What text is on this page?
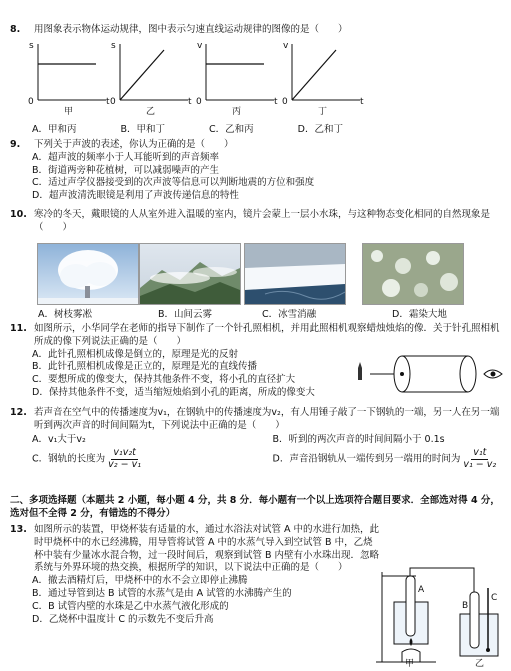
8.	用图象表示物体运动规律，图中表示匀速直线运动规律的图像的是（　　）
s
0	t
甲
s
0	t
乙
v
0	t
丙
v
0	t
丁
A．甲和丙	B．甲和丁	C．乙和丙	D．乙和丁
9.	下列关于声波的表述，你认为正确的是（　　）
A．超声波的频率小于人耳能听到的声音频率
B．街道两旁种花植树，可以减弱噪声的产生
C．适过声学仪器接受到的次声波等信息可以判断地震的方位和强度
D．超声波清洗眼镜是利用了声波传递信息的特性
10. 寒冷的冬天，戴眼镜的人从室外进入温暖的室内，镜片会蒙上一层小水珠，与这种物态变化相同的自然现象是（　　）
A．树枝雾凇	B．山间云雾	C．冰雪消融	D．霜染大地
11. 如图所示，小华同学在老师的指导下制作了一个针孔照相机，并用此照相机观察蜡烛烛焰的像．关于针孔照相机所成的像下列说法正确的是（　　）
A．此针孔照相机成像是倒立的，原理是光的反射
B．此针孔照相机成像是正立的，原理是光的直线传播
C．要想所成的像变大，保持其他条件不变，将小孔的直径扩大
D．保持其他条件不变，适当缩短烛焰到小孔的距离，所成的像变大
12. 若声音在空气中的传播速度为v₁，在钢轨中的传播速度为v₂，有人用锤子敲了一下钢轨的一端，另一人在另一端听到两次声音的时间间隔为t，下列说法中正确的是（　　）
A．v₁大于v₂	B．听到的两次声音的时间间隔小于 0.1s
C．钢轨的长度为 $\frac{\text{v₁v₂t}}{\text{v₂ − v₁}}$	D．声音沿钢轨从一端传到另一端用的时间为 $\frac{\text{v₁t}}{\text{v₁ − v₂}}$
二、多项选择题（本题共 2 小题，每小题 4 分，共 8 分．每小题有一个以上选项符合题目要求．全部选对得 4 分，选对但不全得 2 分，有错选的不得分）
13. 如图所示的装置，甲烧杯装有适量的水，通过水浴法对试管 A 中的水进行加热，此时甲烧杯中的水已经沸腾，用导管将试管 A 中的水蒸气导入到空试管 B 中，乙烧杯中装有少量冰水混合物，过一段时间后，观察到试管 B 内壁有小水珠出现．忽略系统与外界环境的热交换，根据所学的知识，以下说法中正确的是（　　）
A．撤去酒精灯后，甲烧杯中的水不会立即停止沸腾
B．通过导管到达 B 试管的水蒸气是由 A 试管的水沸腾产生的
C．B 试管内壁的水珠是乙中水蒸气液化形成的
D．乙烧杯中温度计 C 的示数先不变后升高
A
B
C
甲	乙
